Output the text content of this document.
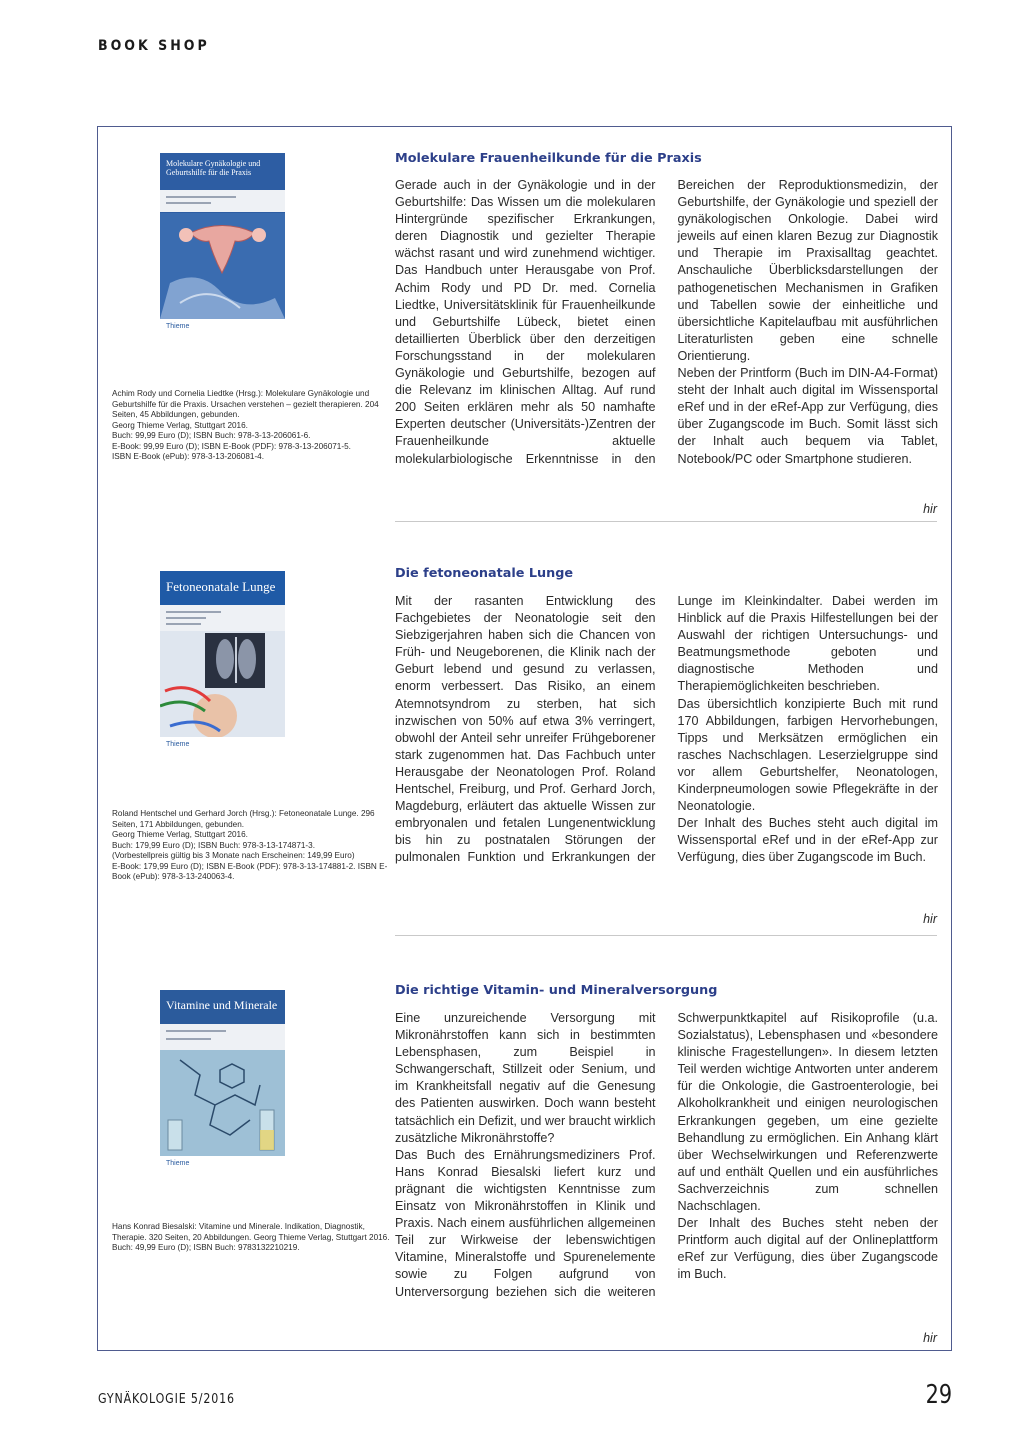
BOOK SHOP
Molekulare Gynäkologie und Geburtshilfe für die Praxis
Thieme

Achim Rody und Cornelia Liedtke (Hrsg.): Molekulare Gynäkologie und Geburtshilfe für die Praxis. Ursachen verstehen – gezielt therapieren. 204 Seiten, 45 Abbildungen, gebunden.

Georg Thieme Verlag, Stuttgart 2016.

Buch: 99,99 Euro (D); ISBN Buch: 978-3-13-206061-6.

E-Book: 99,99 Euro (D); ISBN E-Book (PDF): 978-3-13-206071-5.

ISBN E-Book (ePub): 978-3-13-206081-4.

Molekulare Frauenheilkunde für die Praxis

Gerade auch in der Gynäkologie und in der Geburtshilfe: Das Wissen um die molekularen Hintergründe spezifischer Erkrankungen, deren Diagnostik und gezielter Therapie wächst rasant und wird zunehmend wichtiger. Das Handbuch unter Herausgabe von Prof. Achim Rody und PD Dr. med. Cornelia Liedtke, Universitätsklinik für Frauenheilkunde und Geburtshilfe Lübeck, bietet einen detaillierten Überblick über den derzeitigen Forschungsstand in der molekularen Gynäkologie und Geburtshilfe, bezogen auf die Relevanz im klinischen Alltag. Auf rund 200 Seiten erklären mehr als 50 namhafte Experten deutscher (Universitäts-)Zentren der Frauenheilkunde aktuelle molekularbiologische Erkenntnisse in den Bereichen der Reproduktionsmedizin, der Geburtshilfe, der Gynäkologie und speziell der gynäkologischen Onkologie. Dabei wird jeweils auf einen klaren Bezug zur Diagnostik und Therapie im Praxisalltag geachtet. Anschauliche Überblicksdarstellungen der pathogenetischen Mechanismen in Grafiken und Tabellen sowie der einheitliche und übersichtliche Kapitelaufbau mit ausführlichen Literaturlisten geben eine schnelle Orientierung.

Neben der Printform (Buch im DIN-A4-Format) steht der Inhalt auch digital im Wissensportal eRef und in der eRef-App zur Verfügung, dies über Zugangscode im Buch. Somit lässt sich der Inhalt auch bequem via Tablet, Notebook/PC oder Smartphone studieren.

hir
Fetoneonatale Lunge
Thieme

Roland Hentschel und Gerhard Jorch (Hrsg.): Fetoneonatale Lunge. 296 Seiten, 171 Abbildungen, gebunden.

Georg Thieme Verlag, Stuttgart 2016.

Buch: 179,99 Euro (D); ISBN Buch: 978-3-13-174871-3.

(Vorbestellpreis gültig bis 3 Monate nach Erscheinen: 149,99 Euro)

E-Book: 179,99 Euro (D); ISBN E-Book (PDF): 978-3-13-174881-2. ISBN E-Book (ePub): 978-3-13-240063-4.

Die fetoneonatale Lunge

Mit der rasanten Entwicklung des Fachgebietes der Neonatologie seit den Siebzigerjahren haben sich die Chancen von Früh- und Neugeborenen, die Klinik nach der Geburt lebend und gesund zu verlassen, enorm verbessert. Das Risiko, an einem Atemnotsyndrom zu sterben, hat sich inzwischen von 50% auf etwa 3% verringert, obwohl der Anteil sehr unreifer Frühgeborener stark zugenommen hat. Das Fachbuch unter Herausgabe der Neonatologen Prof. Roland Hentschel, Freiburg, und Prof. Gerhard Jorch, Magdeburg, erläutert das aktuelle Wissen zur embryonalen und fetalen Lungenentwicklung bis hin zu postnatalen Störungen der pulmonalen Funktion und Erkrankungen der Lunge im Kleinkindalter. Dabei werden im Hinblick auf die Praxis Hilfestellungen bei der Auswahl der richtigen Untersuchungs- und Beatmungsmethode geboten und diagnostische Methoden und Therapiemöglichkeiten beschrieben.

Das übersichtlich konzipierte Buch mit rund 170 Abbildungen, farbigen Hervorhebungen, Tipps und Merksätzen ermöglichen ein rasches Nachschlagen. Leserzielgruppe sind vor allem Geburtshelfer, Neonatologen, Kinderpneumologen sowie Pflegekräfte in der Neonatologie.

Der Inhalt des Buches steht auch digital im Wissensportal eRef und in der eRef-App zur Verfügung, dies über Zugangscode im Buch.

hir
Vitamine und Minerale
Thieme

Hans Konrad Biesalski: Vitamine und Minerale. Indikation, Diagnostik, Therapie. 320 Seiten, 20 Abbildungen. Georg Thieme Verlag, Stuttgart 2016.

Buch: 49,99 Euro (D); ISBN Buch: 9783132210219.

Die richtige Vitamin- und Mineralversorgung

Eine unzureichende Versorgung mit Mikronährstoffen kann sich in bestimmten Lebensphasen, zum Beispiel in Schwangerschaft, Stillzeit oder Senium, und im Krankheitsfall negativ auf die Genesung des Patienten auswirken. Doch wann besteht tatsächlich ein Defizit, und wer braucht wirklich zusätzliche Mikronährstoffe?

Das Buch des Ernährungsmediziners Prof. Hans Konrad Biesalski liefert kurz und prägnant die wichtigsten Kenntnisse zum Einsatz von Mikronährstoffen in Klinik und Praxis. Nach einem ausführlichen allgemeinen Teil zur Wirkweise der lebenswichtigen Vitamine, Mineralstoffe und Spurenelemente sowie zu Folgen aufgrund von Unterversorgung beziehen sich die weiteren Schwerpunktkapitel auf Risikoprofile (u.a. Sozialstatus), Lebensphasen und «besondere klinische Fragestellungen». In diesem letzten Teil werden wichtige Antworten unter anderem für die Onkologie, die Gastroenterologie, bei Alkoholkrankheit und einigen neurologischen Erkrankungen gegeben, um eine gezielte Behandlung zu ermöglichen. Ein Anhang klärt über Wechselwirkungen und Referenzwerte auf und enthält Quellen und ein ausführliches Sachverzeichnis zum schnellen Nachschlagen.

Der Inhalt des Buches steht neben der Printform auch digital auf der Onlineplattform eRef zur Verfügung, dies über Zugangscode im Buch.

hir
GYNÄKOLOGIE 5/2016	29
